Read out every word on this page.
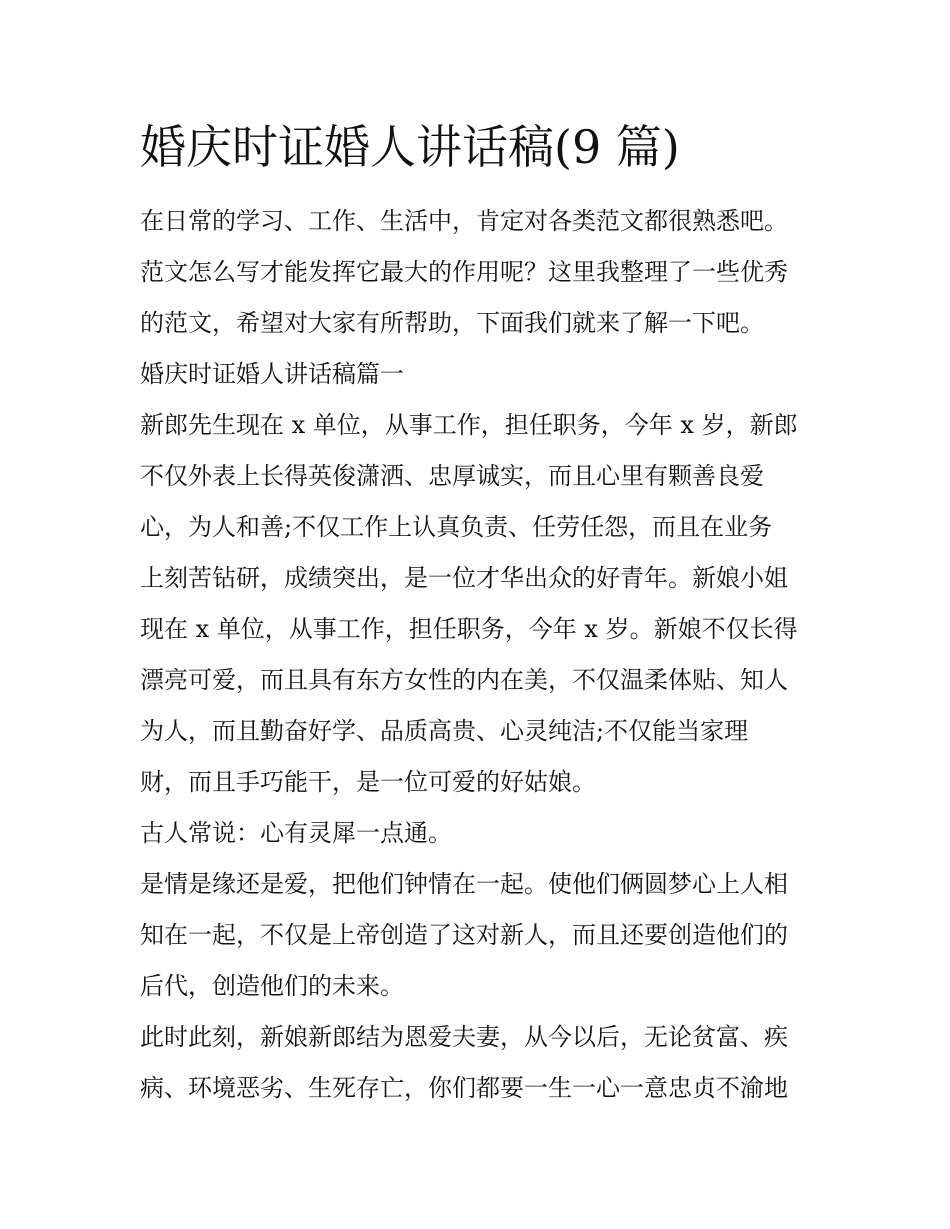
婚庆时证婚人讲话稿(9 篇)

在日常的学习、工作、生活中，肯定对各类范文都很熟悉吧。

范文怎么写才能发挥它最大的作用呢？这里我整理了一些优秀

的范文，希望对大家有所帮助，下面我们就来了解一下吧。

婚庆时证婚人讲话稿篇一

新郎先生现在 x 单位，从事工作，担任职务，今年 x 岁，新郎

不仅外表上长得英俊潇洒、忠厚诚实，而且心里有颗善良爱

心，为人和善;不仅工作上认真负责、任劳任怨，而且在业务

上刻苦钻研，成绩突出，是一位才华出众的好青年。新娘小姐

现在 x 单位，从事工作，担任职务，今年 x 岁。新娘不仅长得

漂亮可爱，而且具有东方女性的内在美，不仅温柔体贴、知人

为人，而且勤奋好学、品质高贵、心灵纯洁;不仅能当家理

财，而且手巧能干，是一位可爱的好姑娘。

古人常说：心有灵犀一点通。

是情是缘还是爱，把他们钟情在一起。使他们俩圆梦心上人相

知在一起，不仅是上帝创造了这对新人，而且还要创造他们的

后代，创造他们的未来。

此时此刻，新娘新郎结为恩爱夫妻，从今以后，无论贫富、疾

病、环境恶劣、生死存亡，你们都要一生一心一意忠贞不渝地
